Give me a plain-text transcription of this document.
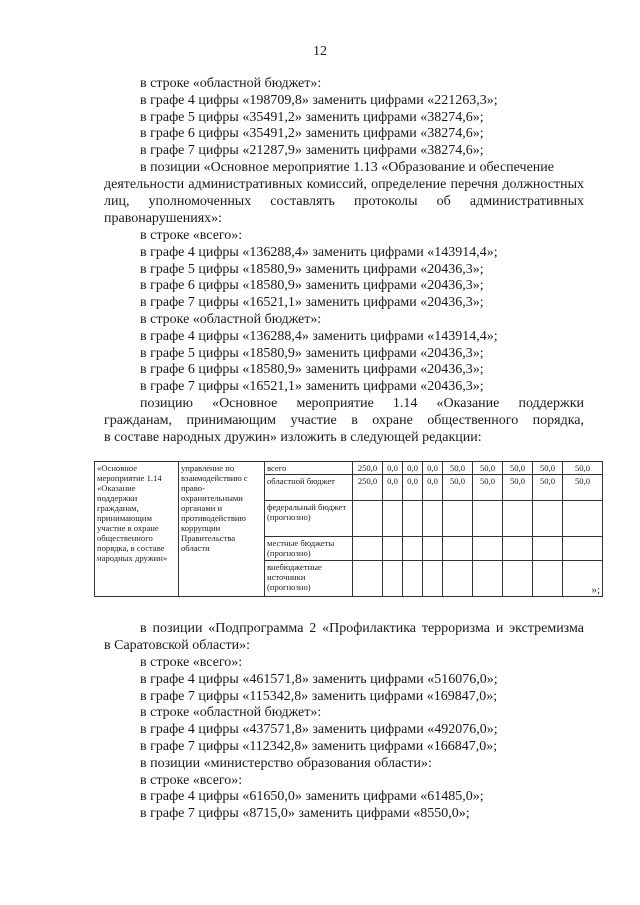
12
в строке «областной бюджет»:
в графе 4 цифры «198709,8» заменить цифрами «221263,3»;
в графе 5 цифры «35491,2» заменить цифрами «38274,6»;
в графе 6 цифры «35491,2» заменить цифрами «38274,6»;
в графе 7 цифры «21287,9» заменить цифрами «38274,6»;
в позиции «Основное мероприятие 1.13 «Образование и обеспечение
деятельности административных комиссий, определение перечня должностных
лиц, уполномоченных составлять протоколы об административных
правонарушениях»:
в строке «всего»:
в графе 4 цифры «136288,4» заменить цифрами «143914,4»;
в графе 5 цифры «18580,9» заменить цифрами «20436,3»;
в графе 6 цифры «18580,9» заменить цифрами «20436,3»;
в графе 7 цифры «16521,1» заменить цифрами «20436,3»;
в строке «областной бюджет»:
в графе 4 цифры «136288,4» заменить цифрами «143914,4»;
в графе 5 цифры «18580,9» заменить цифрами «20436,3»;
в графе 6 цифры «18580,9» заменить цифрами «20436,3»;
в графе 7 цифры «16521,1» заменить цифрами «20436,3»;
позицию «Основное мероприятие 1.14 «Оказание поддержки
гражданам, принимающим участие в охране общественного порядка,
в составе народных дружин» изложить в следующей редакции:
«Основное мероприятие 1.14 «Оказание поддержки гражданам, принимающим участие в охране общественного порядка, в составе народных дружин»	управление по взаимодействию с право-охранительными органами и противодействию коррупции Правительства области	всего	250,0	0,0	0,0	0,0	50,0	50,0	50,0	50,0	50,0
		областной бюджет	250,0	0,0	0,0	0,0	50,0	50,0	50,0	50,0	50,0
		федеральный бюджет (прогнозно)									
		местные бюджеты (прогнозно)									
		внебюджетные источники (прогнозно)									»;
в позиции «Подпрограмма 2 «Профилактика терроризма и экстремизма
в Саратовской области»:
в строке «всего»:
в графе 4 цифры «461571,8» заменить цифрами «516076,0»;
в графе 7 цифры «115342,8» заменить цифрами «169847,0»;
в строке «областной бюджет»:
в графе 4 цифры «437571,8» заменить цифрами «492076,0»;
в графе 7 цифры «112342,8» заменить цифрами «166847,0»;
в позиции «министерство образования области»:
в строке «всего»:
в графе 4 цифры «61650,0» заменить цифрами «61485,0»;
в графе 7 цифры «8715,0» заменить цифрами «8550,0»;
